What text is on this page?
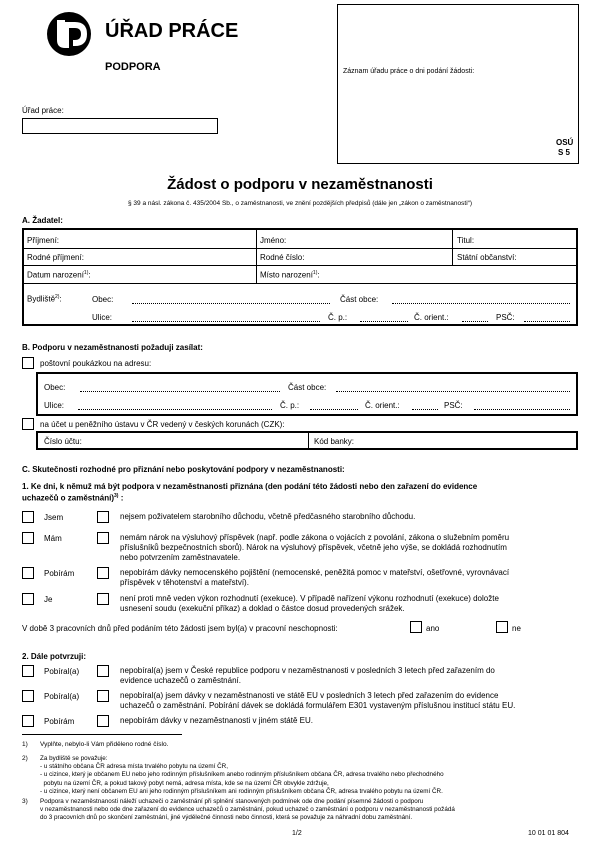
ÚŘAD PRÁCE
PODPORA
Úřad práce:
Záznam úřadu práce o dni podání žádosti:
OSÚ
S 5
Žádost o podporu v nezaměstnanosti
§ 39 a násl. zákona č. 435/2004 Sb., o zaměstnanosti, ve znění pozdějších předpisů (dále jen „zákon o zaměstnanosti“)
A. Žadatel:
Příjmení:	Jméno:	Titul:
Rodné příjmení:	Rodné číslo:	Státní občanství:
Datum narození$^{1)}$:	Místo narození$^{1)}$:
Bydliště$^{2)}$:	Obec:	Část obce:
Ulice:	Č. p.:	Č. orient.:	PSČ:
B. Podporu v nezaměstnanosti požaduji zasílat:
poštovní poukázkou na adresu:
Obec:	Část obce:
Ulice:	Č. p.:	Č. orient.:	PSČ:
na účet u peněžního ústavu v ČR vedený v českých korunách (CZK):
Číslo účtu:	Kód banky:
C. Skutečnosti rozhodné pro přiznání nebo poskytování podpory v nezaměstnanosti:
1. Ke dni, k němuž má být podpora v nezaměstnanosti přiznána (den podání této žádosti nebo den zařazení do evidence
uchazečů o zaměstnání)$^{3)}$ :
Jsem	nejsem poživatelem starobního důchodu, včetně předčasného starobního důchodu.
Mám	nemám nárok na výsluhový příspěvek (např. podle zákona o vojácích z povolání, zákona o služebním poměru
příslušníků bezpečnostních sborů). Nárok na výsluhový příspěvek, včetně jeho výše, se dokládá rozhodnutím
nebo potvrzením zaměstnavatele.
Pobírám	nepobírám dávky nemocenského pojištění (nemocenské, peněžitá pomoc v mateřství, ošetřovné, vyrovnávací
příspěvek v těhotenství a mateřství).
Je	není proti mně veden výkon rozhodnutí (exekuce). V případě nařízení výkonu rozhodnutí (exekuce) doložte
usnesení soudu (exekuční příkaz) a doklad o částce dosud provedených srážek.
V době 3 pracovních dnů před podáním této žádosti jsem byl(a) v pracovní neschopnosti:	ano	ne
2. Dále potvrzuji:
Pobíral(a)	nepobíral(a) jsem v České republice podporu v nezaměstnanosti v posledních 3 letech před zařazením do
evidence uchazečů o zaměstnání.
Pobíral(a)	nepobíral(a) jsem dávky v nezaměstnanosti ve státě EU v posledních 3 letech před zařazením do evidence
uchazečů o zaměstnání. Pobírání dávek se dokládá formulářem E301 vystaveným příslušnou institucí státu EU.
Pobírám	nepobírám dávky v nezaměstnanosti v jiném státě EU.
1) Vyplňte, nebylo-li Vám přiděleno rodné číslo.
2) Za bydliště se považuje:
- u státního občana ČR adresa místa trvalého pobytu na území ČR,
- u cizince, který je občanem EU nebo jeho rodinným příslušníkem anebo rodinným příslušníkem občana ČR, adresa trvalého nebo přechodného
pobytu na území ČR, a pokud takový pobyt nemá, adresa místa, kde se na území ČR obvykle zdržuje,
- u cizince, který není občanem EU ani jeho rodinným příslušníkem ani rodinným příslušníkem občana ČR, adresa trvalého pobytu na území ČR.
3) Podpora v nezaměstnanosti náleží uchazeči o zaměstnání při splnění stanovených podmínek ode dne podání písemné žádosti o podporu
v nezaměstnanosti nebo ode dne zařazení do evidence uchazečů o zaměstnání, pokud uchazeč o zaměstnání o podporu v nezaměstnanosti požádá
do 3 pracovních dnů po skončení zaměstnání, jiné výdělečné činnosti nebo činnosti, která se považuje za náhradní dobu zaměstnání.
1/2	10 01 01 804
